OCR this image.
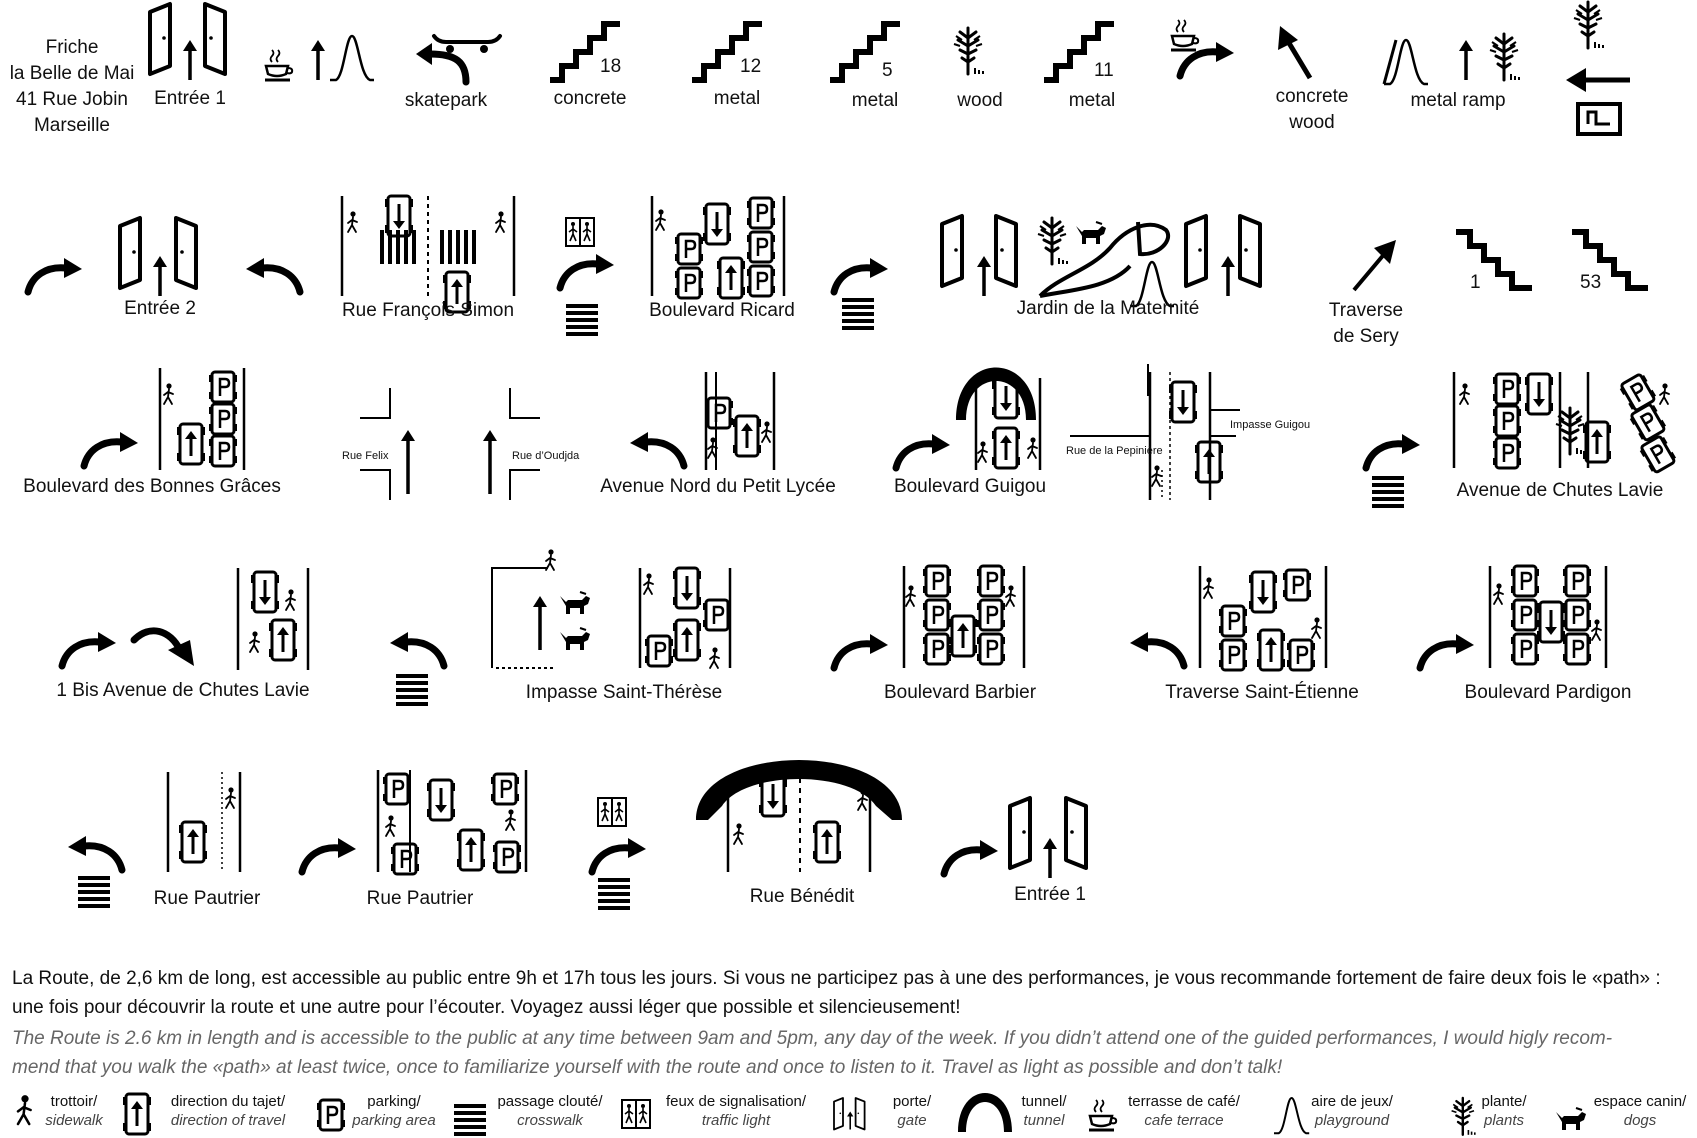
Friche
la Belle de Mai
41 Rue Jobin
Marseille
Entrée 1	skatepark	concrete	metal	metal	wood	metal	concrete
wood
metal ramp
18	12	5	11
Entrée 2	Rue François Simon	Boulevard Ricard	Jardin de la Maternité	Traverse
de Sery
1	53
Boulevard des Bonnes Grâces
Rue Felix	Rue d’Oudjda
Avenue Nord du Petit Lycée	Boulevard Guigou
Rue de la Pepinière
Impasse Guigou
Avenue de Chutes Lavie
1 Bis Avenue de Chutes Lavie	Impasse Saint-Thérèse	Boulevard Barbier	Traverse Saint-Étienne	Boulevard Pardigon
Rue Pautrier	Rue Pautrier	Rue Bénédit	Entrée 1
La Route, de 2,6 km de long, est accessible au public entre 9h et 17h tous les jours. Si vous ne participez pas à une des performances, je vous recommande fortement de faire deux fois le «path» :
une fois pour découvrir la route et une autre pour l’écouter. Voyagez aussi léger que possible et silencieusement!
The Route is 2.6 km in length and is accessible to the public at any time between 9am and 5pm, any day of the week. If you didn’t attend one of the guided performances, I would higly recom-
mend that you walk the «path» at least twice, once to familiarize yourself with the route and once to listen to it. Travel as light as possible and don’t talk!
trottoir/
sidewalk
direction du tajet/
direction of travel
parking/
parking area
passage clouté/
crosswalk
feux de signalisation/
traffic light
porte/
gate
tunnel/
tunnel
terrasse de café/
cafe terrace
aire de jeux/
playground
plante/
plants
espace canin/
dogs
